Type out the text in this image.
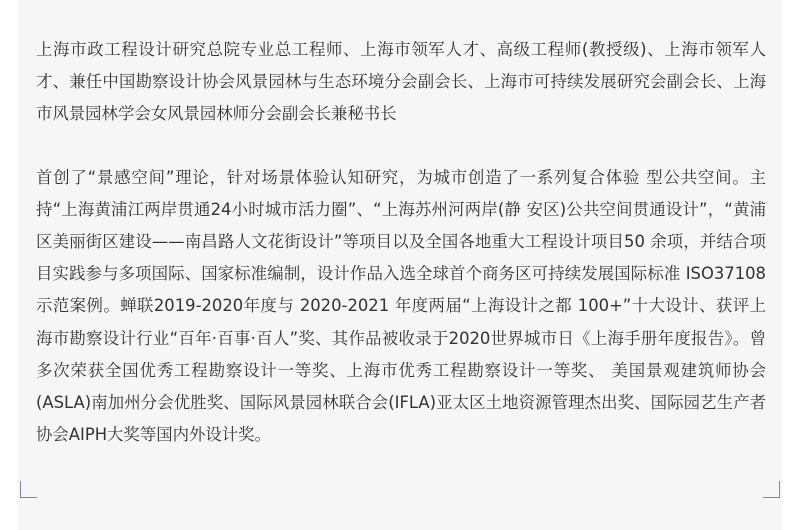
上海市政工程设计研究总院专业总工程师、上海市领军人才、高级工程师(教授级)、上海市领军人才、兼任中国勘察设计协会风景园林与生态环境分会副会长、上海市可持续发展研究会副会长、上海市风景园林学会女风景园林师分会副会长兼秘书长

首创了“景感空间”理论，针对场景体验认知研究，为城市创造了一系列复合体验 型公共空间。主持“上海黄浦江两岸贯通24小时城市活力圈”、“上海苏州河两岸(静 安区)公共空间贯通设计”，“黄浦区美丽街区建设——南昌路人文花街设计”等项目以及全国各地重大工程设计项目50 余项，并结合项目实践参与多项国际、国家标准编制，设计作品入选全球首个商务区可持续发展国际标准 ISO37108示范案例。蝉联2019-2020年度与 2020-2021 年度两届“上海设计之都 100+”十大设计、获评上海市勘察设计行业“百年·百事·百人”奖、其作品被收录于2020世界城市日《上海手册年度报告》。曾多次荣获全国优秀工程勘察设计一等奖、上海市优秀工程勘察设计一等奖、 美国景观建筑师协会(ASLA)南加州分会优胜奖、国际风景园林联合会(IFLA)亚太区土地资源管理杰出奖、国际园艺生产者协会AIPH大奖等国内外设计奖。
